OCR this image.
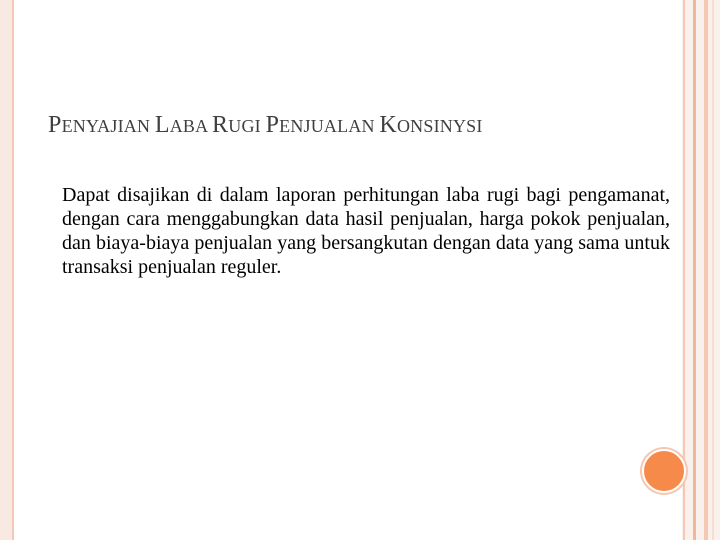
PENYAJIAN LABA RUGI PENJUALAN KONSINYSI
Dapat disajikan di dalam laporan perhitungan laba rugi bagi pengamanat, dengan cara menggabungkan data hasil penjualan, harga pokok penjualan, dan biaya-biaya penjualan yang bersangkutan dengan data yang sama untuk transaksi penjualan reguler.
